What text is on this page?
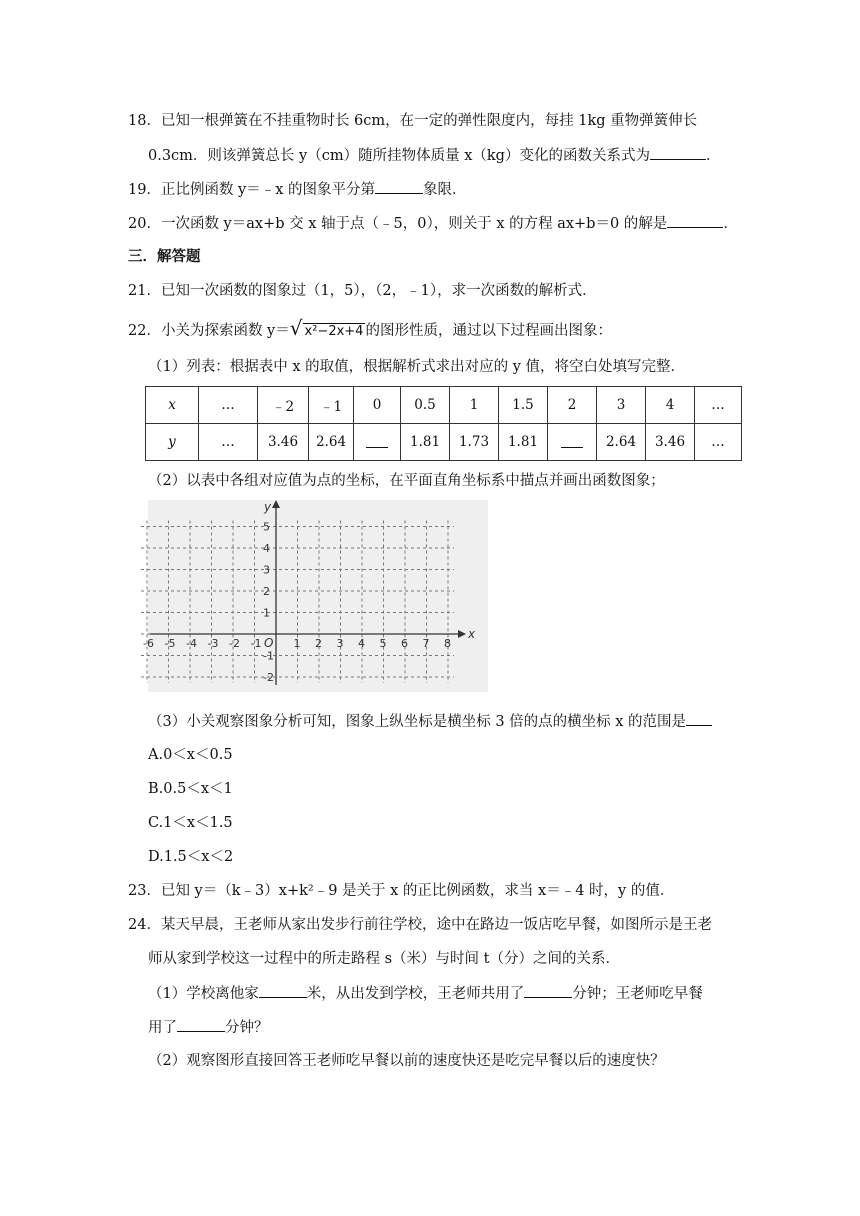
18．已知一根弹簧在不挂重物时长 6cm，在一定的弹性限度内，每挂 1kg 重物弹簧伸长
0.3cm．则该弹簧总长 y（cm）随所挂物体质量 x（kg）变化的函数关系式为	．
19．正比例函数 y＝﹣x 的图象平分第	象限．
20．一次函数 y＝ax+b 交 x 轴于点（﹣5，0），则关于 x 的方程 ax+b＝0 的解是	．
三．解答题
21．已知一次函数的图象过（1，5），（2，﹣1），求一次函数的解析式．
22．小关为探索函数 y＝√ x²−2x+4 的图形性质，通过以下过程画出图象：
（1）列表：根据表中 x 的取值，根据解析式求出对应的 y 值，将空白处填写完整．
x	…	﹣2	﹣1	0	0.5	1	1.5	2	3	4	…
y	…	3.46	2.64		1.81	1.73	1.81		2.64	3.46	…
（2）以表中各组对应值为点的坐标，在平面直角坐标系中描点并画出函数图象；
x
y
O
-6 -5 -4 -3 -2 -1	1 2 3 4 5 6 7 8
5
4
3
2
1
-1
-2
（3）小关观察图象分析可知，图象上纵坐标是横坐标 3 倍的点的横坐标 x 的范围是
A.0＜x＜0.5
B.0.5＜x＜1
C.1＜x＜1.5
D.1.5＜x＜2
23．已知 y＝（k﹣3）x+k²﹣9 是关于 x 的正比例函数，求当 x＝﹣4 时，y 的值．
24．某天早晨，王老师从家出发步行前往学校，途中在路边一饭店吃早餐，如图所示是王老
师从家到学校这一过程中的所走路程 s（米）与时间 t（分）之间的关系．
（1）学校离他家	米，从出发到学校，王老师共用了	分钟；王老师吃早餐
用了	分钟？
（2）观察图形直接回答王老师吃早餐以前的速度快还是吃完早餐以后的速度快？
